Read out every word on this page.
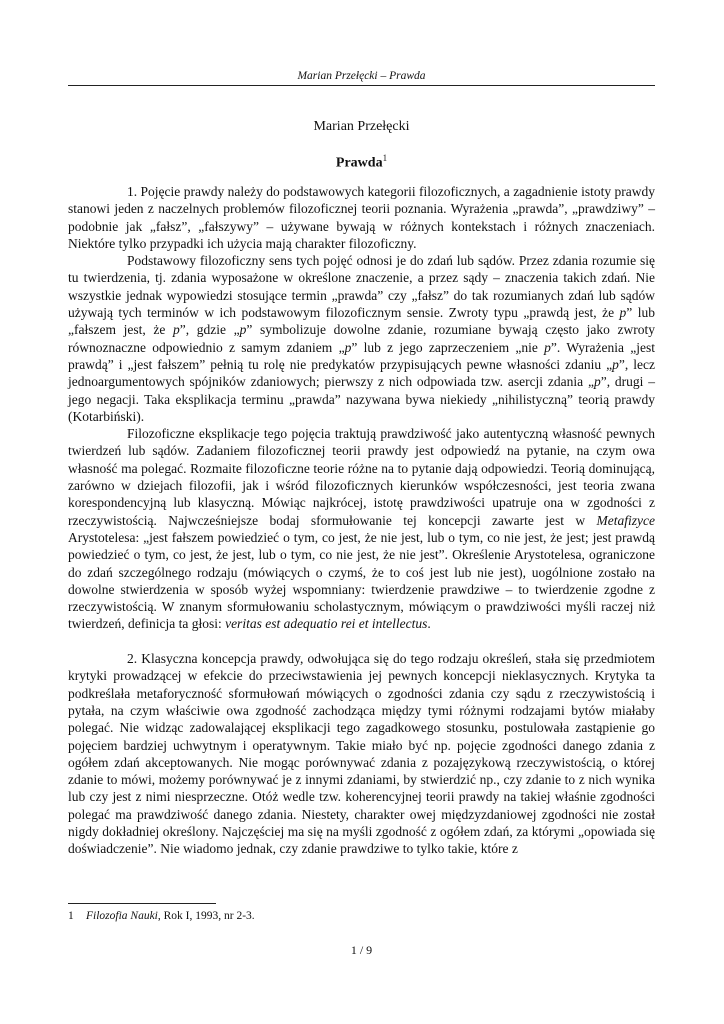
Marian Przełęcki – Prawda
Marian Przełęcki
Prawda$^1$

1. Pojęcie prawdy należy do podstawowych kategorii filozoficznych, a zagadnienie istoty prawdy stanowi jeden z naczelnych problemów filozoficznej teorii poznania. Wyrażenia „prawda”, „prawdziwy” – podobnie jak „fałsz”, „fałszywy” – używane bywają w różnych kontekstach i różnych znaczeniach. Niektóre tylko przypadki ich użycia mają charakter filozoficzny.

Podstawowy filozoficzny sens tych pojęć odnosi je do zdań lub sądów. Przez zdania rozumie się tu twierdzenia, tj. zdania wyposażone w określone znaczenie, a przez sądy – znaczenia takich zdań. Nie wszystkie jednak wypowiedzi stosujące termin „prawda” czy „fałsz” do tak rozumianych zdań lub sądów używają tych terminów w ich podstawowym filozoficznym sensie. Zwroty typu „prawdą jest, że p” lub „fałszem jest, że p”, gdzie „p” symbolizuje dowolne zdanie, rozumiane bywają często jako zwroty równoznaczne odpowiednio z samym zdaniem „p” lub z jego zaprzeczeniem „nie p”. Wyrażenia „jest prawdą” i „jest fałszem” pełnią tu rolę nie predykatów przypisujących pewne własności zdaniu „p”, lecz jednoargumentowych spójników zdaniowych; pierwszy z nich odpowiada tzw. asercji zdania „p”, drugi – jego negacji. Taka eksplikacja terminu „prawda” nazywana bywa niekiedy „nihilistyczną” teorią prawdy (Kotarbiński).

Filozoficzne eksplikacje tego pojęcia traktują prawdziwość jako autentyczną własność pewnych twierdzeń lub sądów. Zadaniem filozoficznej teorii prawdy jest odpowiedź na pytanie, na czym owa własność ma polegać. Rozmaite filozoficzne teorie różne na to pytanie dają odpowiedzi. Teorią dominującą, zarówno w dziejach filozofii, jak i wśród filozoficznych kierunków współczesności, jest teoria zwana korespondencyjną lub klasyczną. Mówiąc najkrócej, istotę prawdziwości upatruje ona w zgodności z rzeczywistością. Najwcześniejsze bodaj sformułowanie tej koncepcji zawarte jest w Metafizyce Arystotelesa: „jest fałszem powiedzieć o tym, co jest, że nie jest, lub o tym, co nie jest, że jest; jest prawdą powiedzieć o tym, co jest, że jest, lub o tym, co nie jest, że nie jest”. Określenie Arystotelesa, ograniczone do zdań szczególnego rodzaju (mówiących o czymś, że to coś jest lub nie jest), uogólnione zostało na dowolne stwierdzenia w sposób wyżej wspomniany: twierdzenie prawdziwe – to twierdzenie zgodne z rzeczywistością. W znanym sformułowaniu scholastycznym, mówiącym o prawdziwości myśli raczej niż twierdzeń, definicja ta głosi: veritas est adequatio rei et intellectus.

2. Klasyczna koncepcja prawdy, odwołująca się do tego rodzaju określeń, stała się przedmiotem krytyki prowadzącej w efekcie do przeciwstawienia jej pewnych koncepcji nieklasycznych. Krytyka ta podkreślała metaforyczność sformułowań mówiących o zgodności zdania czy sądu z rzeczywistością i pytała, na czym właściwie owa zgodność zachodząca między tymi różnymi rodzajami bytów miałaby polegać. Nie widząc zadowalającej eksplikacji tego zagadkowego stosunku, postulowała zastąpienie go pojęciem bardziej uchwytnym i operatywnym. Takie miało być np. pojęcie zgodności danego zdania z ogółem zdań akceptowanych. Nie mogąc porównywać zdania z pozajęzykową rzeczywistością, o której zdanie to mówi, możemy porównywać je z innymi zdaniami, by stwierdzić np., czy zdanie to z nich wynika lub czy jest z nimi niesprzeczne. Otóż wedle tzw. koherencyjnej teorii prawdy na takiej właśnie zgodności polegać ma prawdziwość danego zdania. Niestety, charakter owej międzyzdaniowej zgodności nie został nigdy dokładniej określony. Najczęściej ma się na myśli zgodność z ogółem zdań, za którymi „opowiada się doświadczenie”. Nie wiadomo jednak, czy zdanie prawdziwe to tylko takie, które z

1 Filozofia Nauki, Rok I, 1993, nr 2-3.
1 / 9
